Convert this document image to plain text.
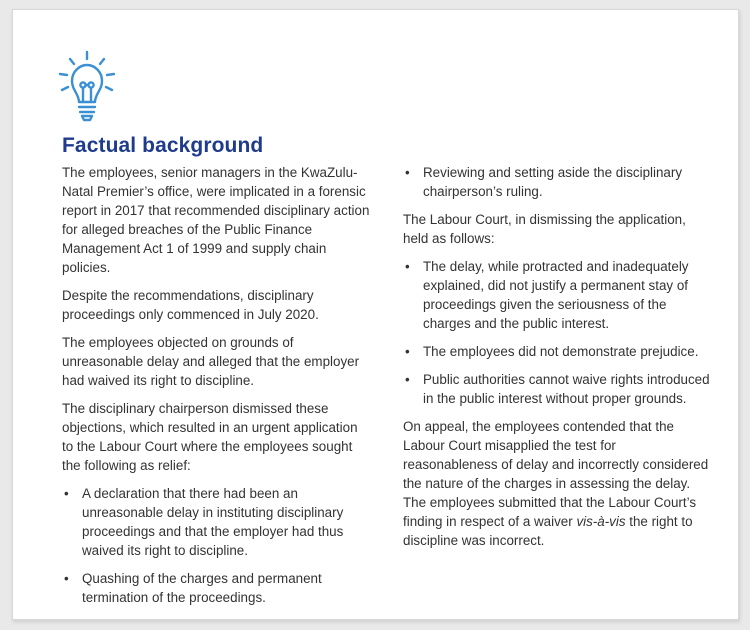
Factual background

The employees, senior managers in the KwaZulu-Natal Premier’s office, were implicated in a forensic report in 2017 that recommended disciplinary action for alleged breaches of the Public Finance Management Act 1 of 1999 and supply chain policies.

Despite the recommendations, disciplinary proceedings only commenced in July 2020.

The employees objected on grounds of unreasonable delay and alleged that the employer had waived its right to discipline.

The disciplinary chairperson dismissed these objections, which resulted in an urgent application to the Labour Court where the employees sought the following as relief:

• A declaration that there had been an unreasonable delay in instituting disciplinary proceedings and that the employer had thus waived its right to discipline.
• Quashing of the charges and permanent termination of the proceedings.
• Reviewing and setting aside the disciplinary chairperson’s ruling.

The Labour Court, in dismissing the application, held as follows:

• The delay, while protracted and inadequately explained, did not justify a permanent stay of proceedings given the seriousness of the charges and the public interest.
• The employees did not demonstrate prejudice.
• Public authorities cannot waive rights introduced in the public interest without proper grounds.

On appeal, the employees contended that the Labour Court misapplied the test for reasonableness of delay and incorrectly considered the nature of the charges in assessing the delay. The employees submitted that the Labour Court’s finding in respect of a waiver vis-à-vis the right to discipline was incorrect.
